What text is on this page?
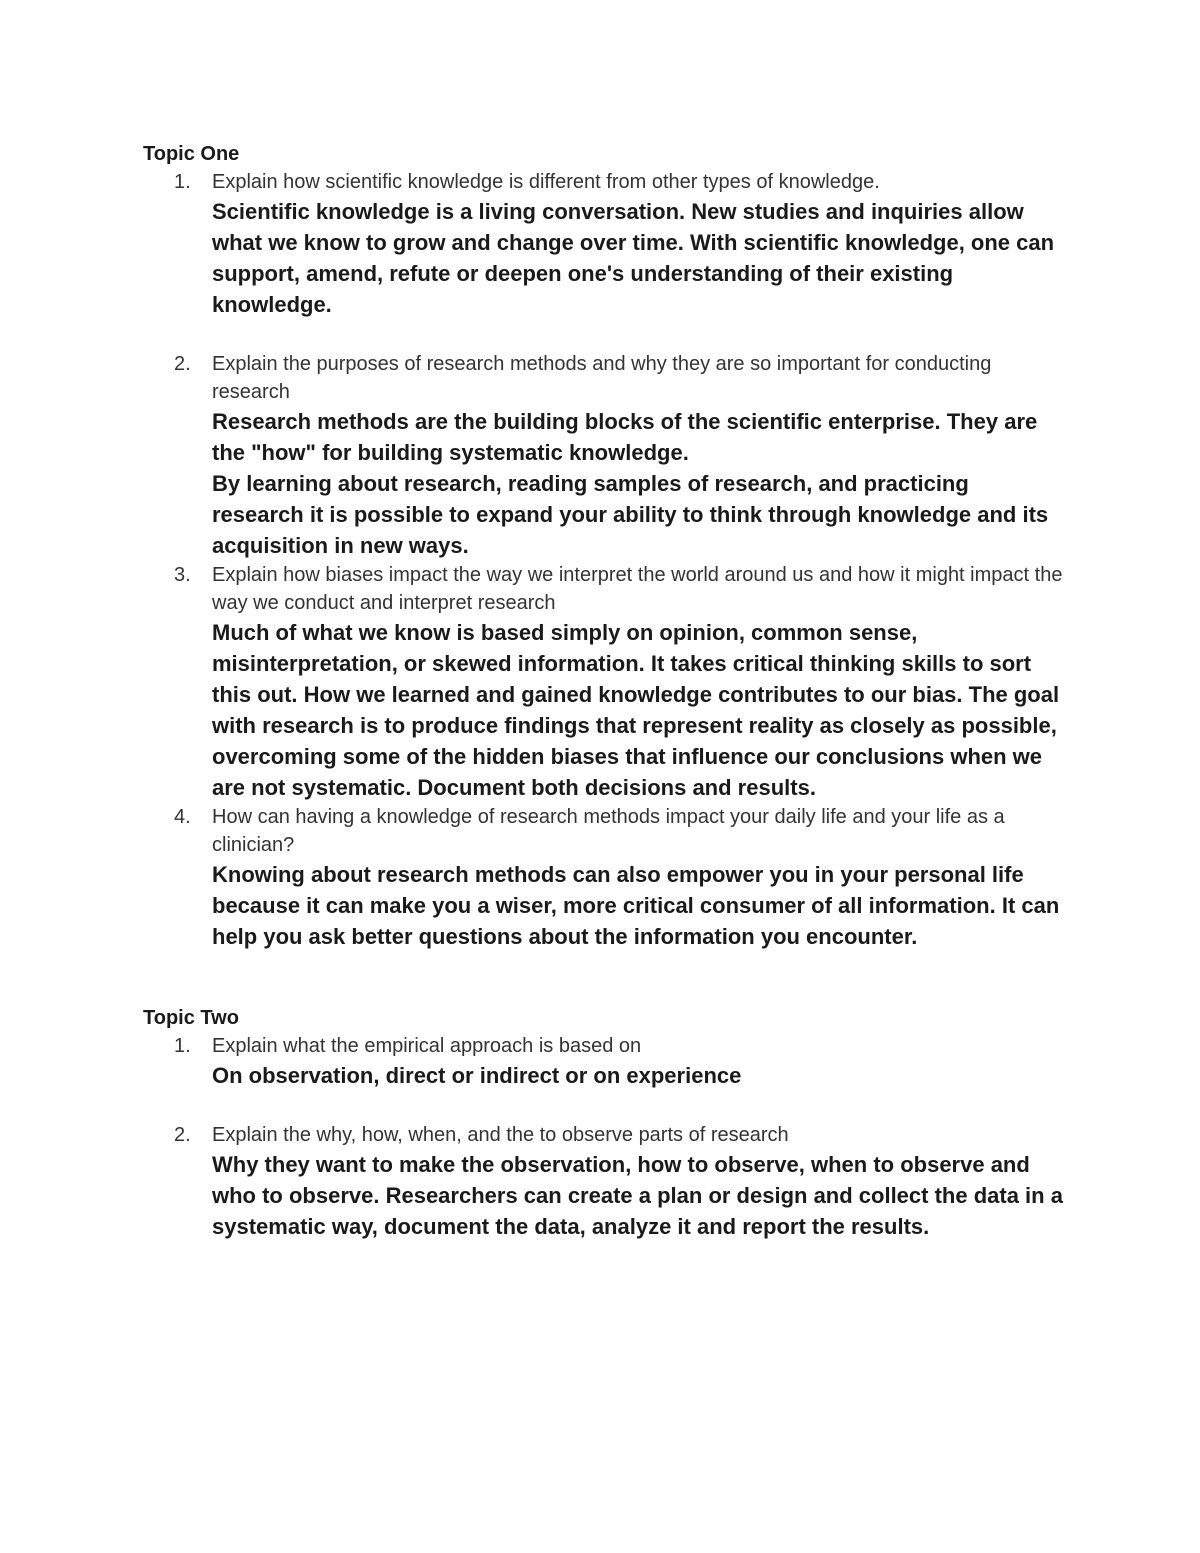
Topic One
1. Explain how scientific knowledge is different from other types of knowledge.

Scientific knowledge is a living conversation. New studies and inquiries allow what we know to grow and change over time. With scientific knowledge, one can support, amend, refute or deepen one's understanding of their existing knowledge.

2. Explain the purposes of research methods and why they are so important for conducting research

Research methods are the building blocks of the scientific enterprise. They are the "how" for building systematic knowledge.

By learning about research, reading samples of research, and practicing research it is possible to expand your ability to think through knowledge and its acquisition in new ways.

3. Explain how biases impact the way we interpret the world around us and how it might impact the way we conduct and interpret research

Much of what we know is based simply on opinion, common sense, misinterpretation, or skewed information. It takes critical thinking skills to sort this out. How we learned and gained knowledge contributes to our bias. The goal with research is to produce findings that represent reality as closely as possible, overcoming some of the hidden biases that influence our conclusions when we are not systematic. Document both decisions and results.

4. How can having a knowledge of research methods impact your daily life and your life as a clinician?

Knowing about research methods can also empower you in your personal life because it can make you a wiser, more critical consumer of all information. It can help you ask better questions about the information you encounter.

Topic Two
1. Explain what the empirical approach is based on

On observation, direct or indirect or on experience

2. Explain the why, how, when, and the to observe parts of research

Why they want to make the observation, how to observe, when to observe and who to observe. Researchers can create a plan or design and collect the data in a systematic way, document the data, analyze it and report the results.
